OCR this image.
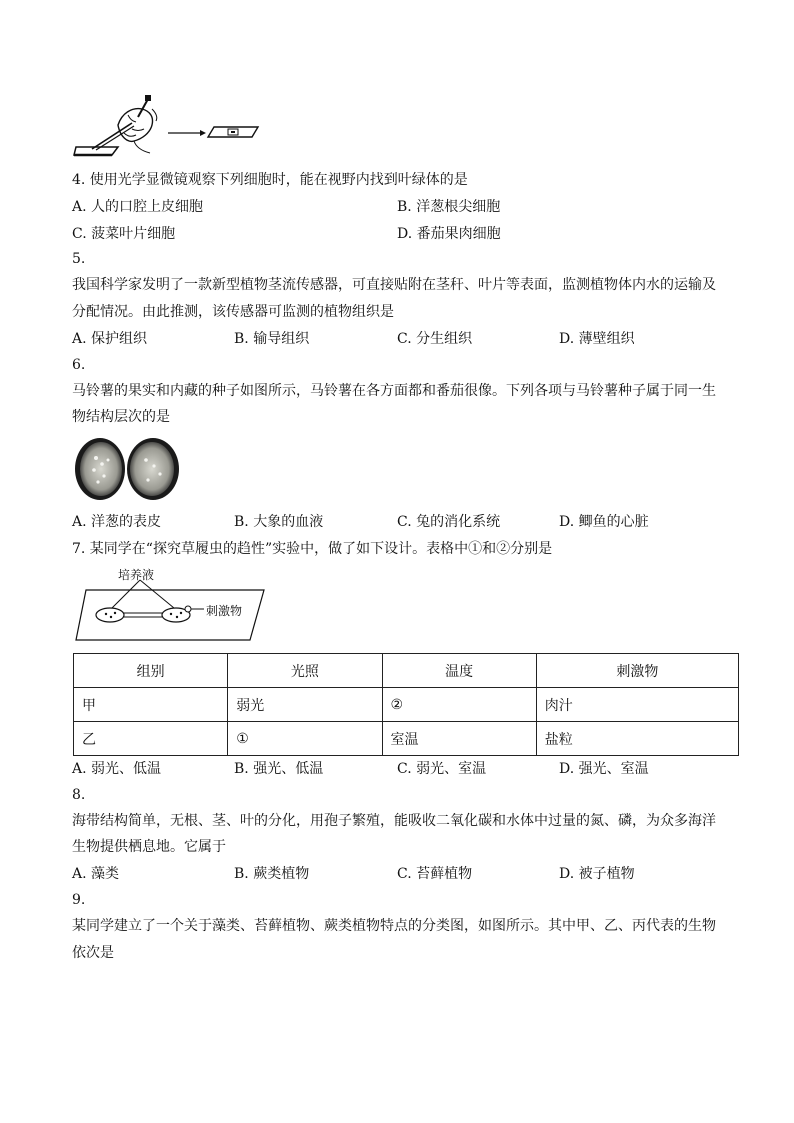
4. 使用光学显微镜观察下列细胞时，能在视野内找到叶绿体的是
A. 人的口腔上皮细胞	B. 洋葱根尖细胞
C. 菠菜叶片细胞	D. 番茄果肉细胞
5.
我国科学家发明了一款新型植物茎流传感器，可直接贴附在茎秆、叶片等表面，监测植物体内水的运输及
分配情况。由此推测，该传感器可监测的植物组织是
A. 保护组织	B. 输导组织	C. 分生组织	D. 薄壁组织
6.
马铃薯的果实和内藏的种子如图所示，马铃薯在各方面都和番茄很像。下列各项与马铃薯种子属于同一生
物结构层次的是
A. 洋葱的表皮	B. 大象的血液	C. 兔的消化系统	D. 鲫鱼的心脏
7. 某同学在“探究草履虫的趋性”实验中，做了如下设计。表格中①和②分别是
培养液
刺激物
组别	光照	温度	刺激物
甲	弱光	②	肉汁
乙	①	室温	盐粒
A. 弱光、低温	B. 强光、低温	C. 弱光、室温	D. 强光、室温
8.
海带结构简单，无根、茎、叶的分化，用孢子繁殖，能吸收二氧化碳和水体中过量的氮、磷，为众多海洋
生物提供栖息地。它属于
A. 藻类	B. 蕨类植物	C. 苔藓植物	D. 被子植物
9.
某同学建立了一个关于藻类、苔藓植物、蕨类植物特点的分类图，如图所示。其中甲、乙、丙代表的生物
依次是
